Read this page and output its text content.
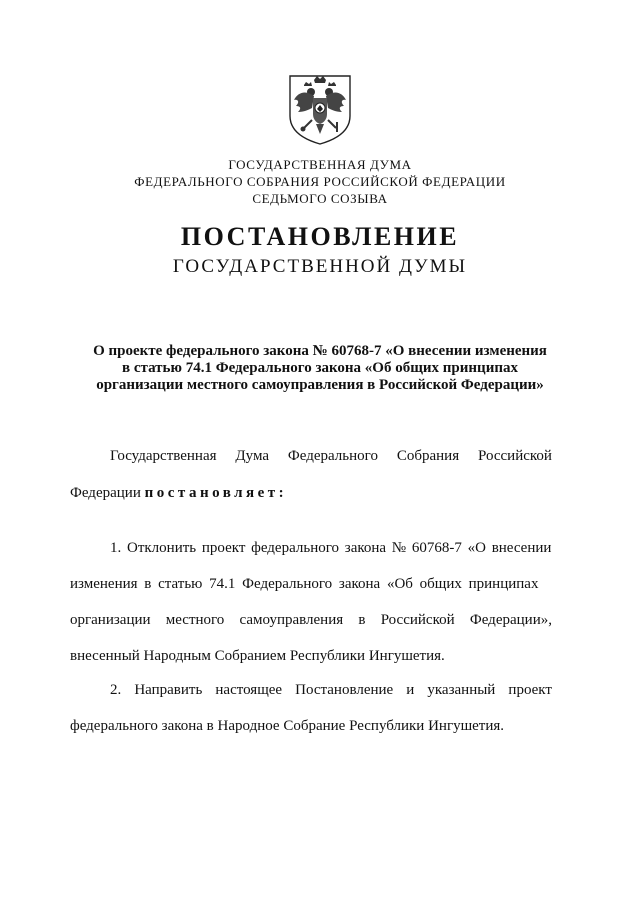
ГОСУДАРСТВЕННАЯ ДУМА
ФЕДЕРАЛЬНОГО СОБРАНИЯ РОССИЙСКОЙ ФЕДЕРАЦИИ
СЕДЬМОГО СОЗЫВА
ПОСТАНОВЛЕНИЕ
ГОСУДАРСТВЕННОЙ ДУМЫ
О проекте федерального закона № 60768-7 «О внесении изменения
в статью 74.1 Федерального закона «Об общих принципах
организации местного самоуправления в Российской Федерации»
Государственная Дума Федерального Собрания Российской
Федерации постановляет:
1. Отклонить проект федерального закона № 60768-7 «О внесении
изменения в статью 74.1 Федерального закона «Об общих принципах
организации местного самоуправления в Российской Федерации»,
внесенный Народным Собранием Республики Ингушетия.
2. Направить настоящее Постановление и указанный проект
федерального закона в Народное Собрание Республики Ингушетия.
